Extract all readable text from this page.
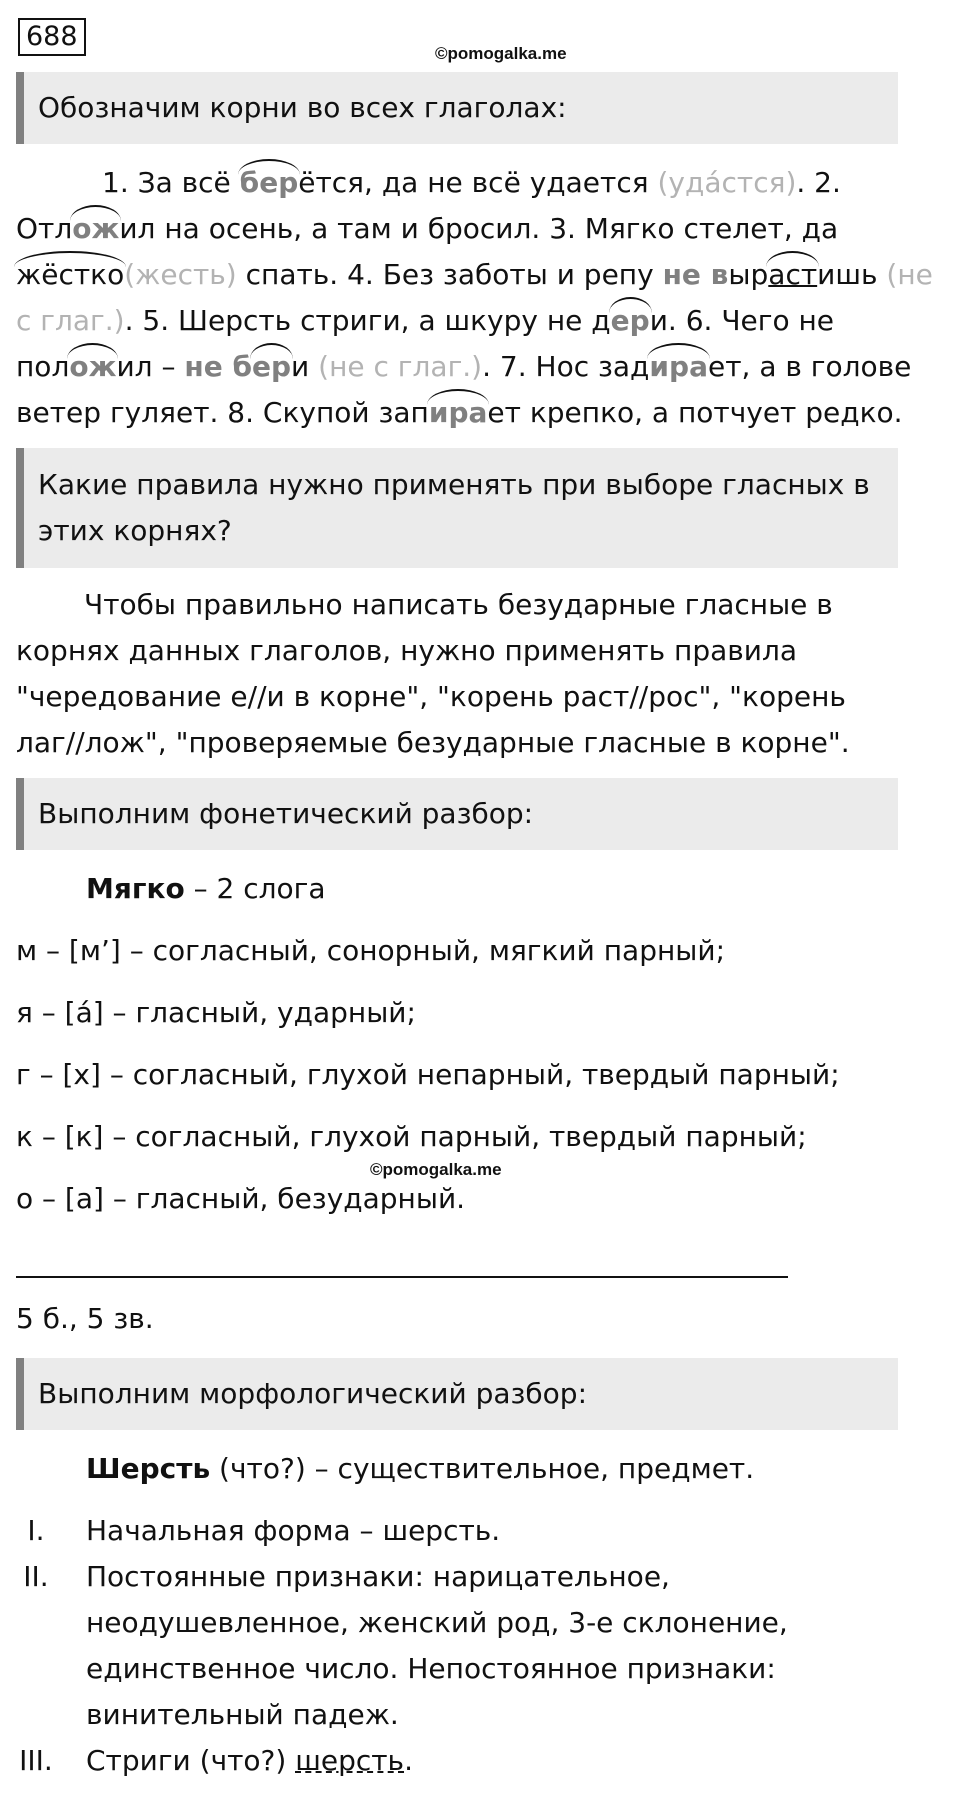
688
©pomogalka.me
Обозначим корни во всех глаголах:
1. За всё берётся, да не всё удается (удáстся). 2.
Отложил на осень, а там и бросил. 3. Мягко стелет, да
жёстко(жесть) спать. 4. Без заботы и репу не вырастишь (не
с глаг.). 5. Шерсть стриги, а шкуру не дери. 6. Чего не
положил – не бери (не с глаг.). 7. Нос задирает, а в голове
ветер гуляет. 8. Скупой запирает крепко, а потчует редко.
Какие правила нужно применять при выборе гласных в этих корнях?
Чтобы правильно написать безударные гласные в корнях данных глаголов, нужно применять правила "чередование е//и в корне", "корень раст//рос", "корень лаг//лож", "проверяемые безударные гласные в корне".
Выполним фонетический разбор:
Мягко – 2 слога
м – [м’] – согласный, сонорный, мягкий парный;
я – [á] – гласный, ударный;
г – [х] – согласный, глухой непарный, твердый парный;
к – [к] – согласный, глухой парный, твердый парный;
©pomogalka.me
о – [а] – гласный, безударный.
5 б., 5 зв.
Выполним морфологический разбор:
Шерсть (что?) – существительное, предмет.
I.	Начальная форма – шерсть.
II. Постоянные признаки: нарицательное, неодушевленное, женский род, 3-е склонение, единственное число. Непостоянное признаки: винительный падеж.
III. Стриги (что?) шерсть.
